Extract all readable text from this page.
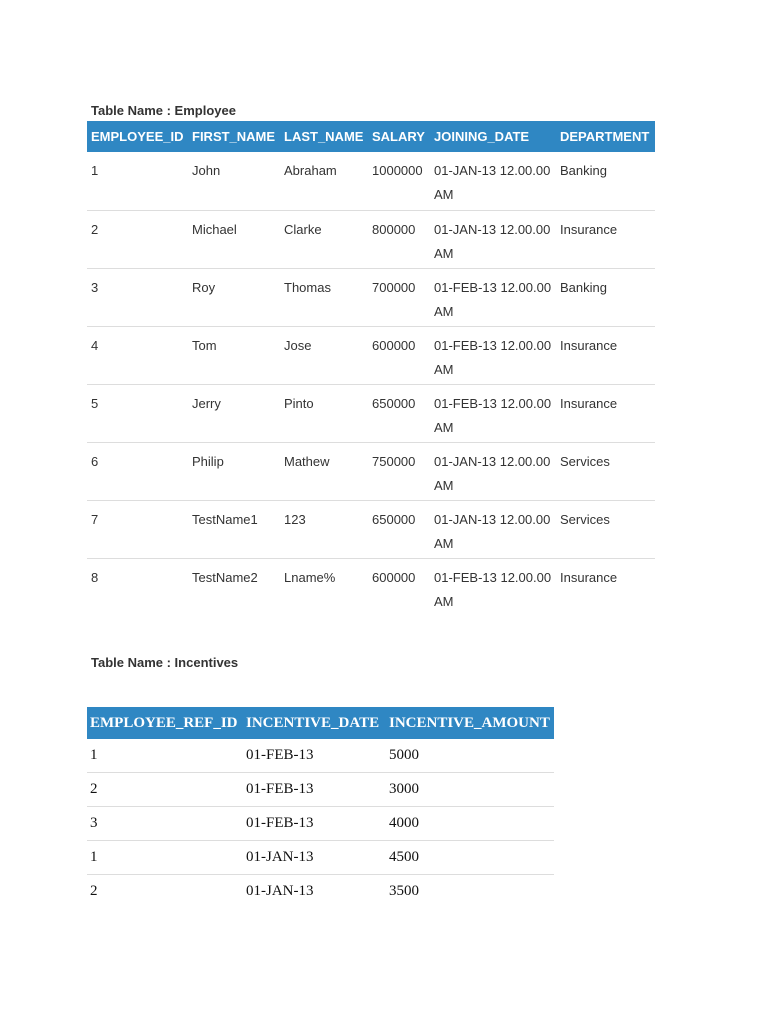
Table Name : Employee

EMPLOYEE_ID	FIRST_NAME	LAST_NAME	SALARY	JOINING_DATE	DEPARTMENT
1	John	Abraham	1000000	01-JAN-13 12.00.00 AM	Banking
2	Michael	Clarke	800000	01-JAN-13 12.00.00 AM	Insurance
3	Roy	Thomas	700000	01-FEB-13 12.00.00 AM	Banking
4	Tom	Jose	600000	01-FEB-13 12.00.00 AM	Insurance
5	Jerry	Pinto	650000	01-FEB-13 12.00.00 AM	Insurance
6	Philip	Mathew	750000	01-JAN-13 12.00.00 AM	Services
7	TestName1	123	650000	01-JAN-13 12.00.00 AM	Services
8	TestName2	Lname%	600000	01-FEB-13 12.00.00 AM	Insurance

Table Name : Incentives

EMPLOYEE_REF_ID	INCENTIVE_DATE	INCENTIVE_AMOUNT
1	01-FEB-13	5000
2	01-FEB-13	3000
3	01-FEB-13	4000
1	01-JAN-13	4500
2	01-JAN-13	3500
